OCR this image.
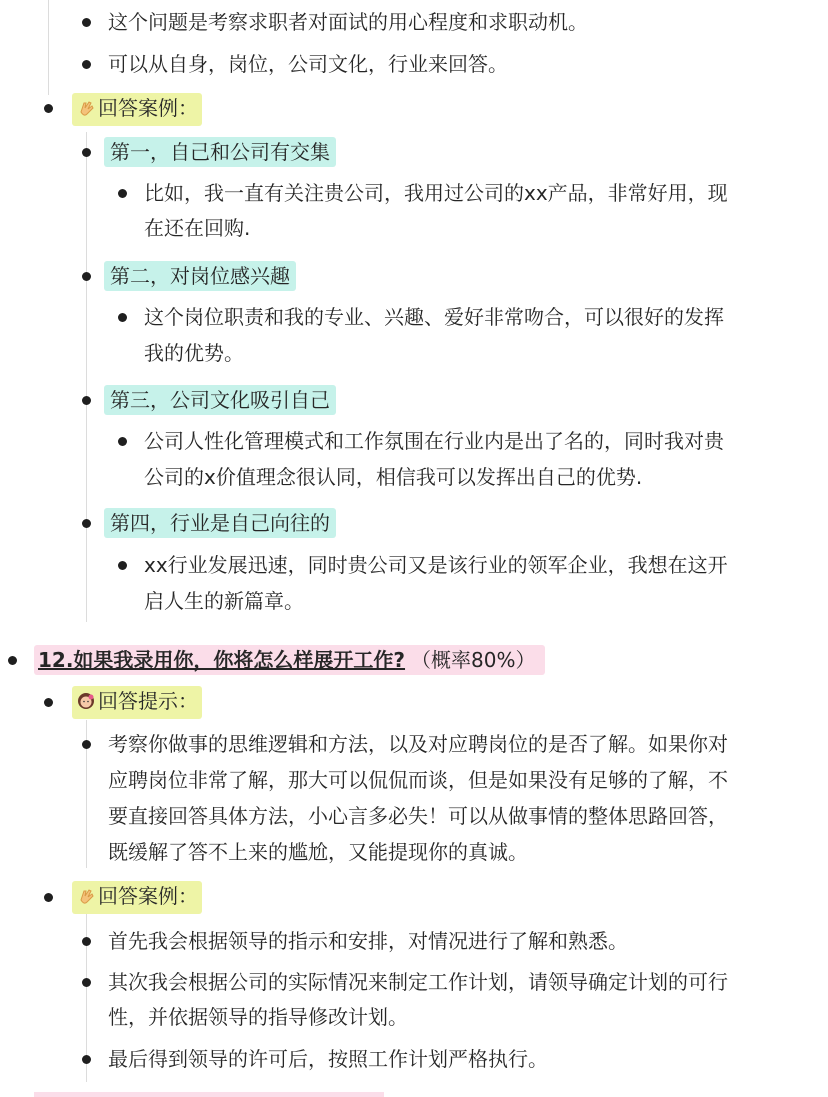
这个问题是考察求职者对面试的用心程度和求职动机。
可以从自身，岗位，公司文化，行业来回答。
回答案例：
第一，自己和公司有交集
比如，我一直有关注贵公司，我用过公司的xx产品，非常好用，现
在还在回购.
第二，对岗位感兴趣
这个岗位职责和我的专业、兴趣、爱好非常吻合，可以很好的发挥
我的优势。
第三，公司文化吸引自己
公司人性化管理模式和工作氛围在行业内是出了名的，同时我对贵
公司的x价值理念很认同，相信我可以发挥出自己的优势.
第四，行业是自己向往的
xx行业发展迅速，同时贵公司又是该行业的领军企业，我想在这开
启人生的新篇章。
12.如果我录用你，你将怎么样展开工作? （概率80%）
回答提示：
考察你做事的思维逻辑和方法，以及对应聘岗位的是否了解。如果你对
应聘岗位非常了解，那大可以侃侃而谈，但是如果没有足够的了解，不
要直接回答具体方法，小心言多必失！可以从做事情的整体思路回答，
既缓解了答不上来的尴尬，又能提现你的真诚。
回答案例：
首先我会根据领导的指示和安排，对情况进行了解和熟悉。
其次我会根据公司的实际情况来制定工作计划，请领导确定计划的可行
性，并依据领导的指导修改计划。
最后得到领导的许可后，按照工作计划严格执行。
